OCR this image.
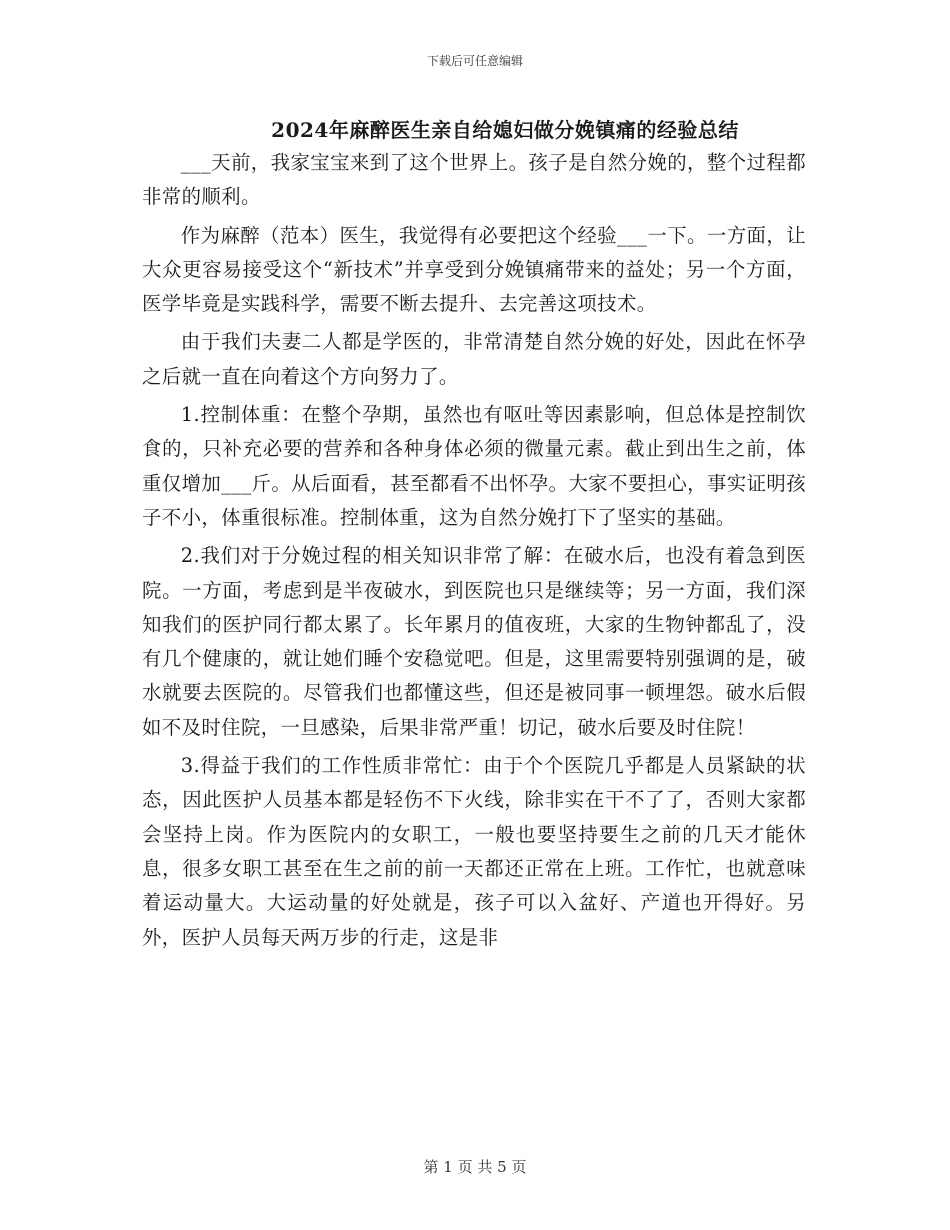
下载后可任意编辑
2024年麻醉医生亲自给媳妇做分娩镇痛的经验总结

___天前，我家宝宝来到了这个世界上。孩子是自然分娩的，整个过程都非常的顺利。

作为麻醉（范本）医生，我觉得有必要把这个经验___一下。一方面，让大众更容易接受这个“新技术”并享受到分娩镇痛带来的益处；另一个方面，医学毕竟是实践科学，需要不断去提升、去完善这项技术。

由于我们夫妻二人都是学医的，非常清楚自然分娩的好处，因此在怀孕之后就一直在向着这个方向努力了。

1.控制体重：在整个孕期，虽然也有呕吐等因素影响，但总体是控制饮食的，只补充必要的营养和各种身体必须的微量元素。截止到出生之前，体重仅增加___斤。从后面看，甚至都看不出怀孕。大家不要担心，事实证明孩子不小，体重很标准。控制体重，这为自然分娩打下了坚实的基础。

2.我们对于分娩过程的相关知识非常了解：在破水后，也没有着急到医院。一方面，考虑到是半夜破水，到医院也只是继续等；另一方面，我们深知我们的医护同行都太累了。长年累月的值夜班，大家的生物钟都乱了，没有几个健康的，就让她们睡个安稳觉吧。但是，这里需要特别强调的是，破水就要去医院的。尽管我们也都懂这些，但还是被同事一顿埋怨。破水后假如不及时住院，一旦感染，后果非常严重！切记，破水后要及时住院！

3.得益于我们的工作性质非常忙：由于个个医院几乎都是人员紧缺的状态，因此医护人员基本都是轻伤不下火线，除非实在干不了了，否则大家都会坚持上岗。作为医院内的女职工，一般也要坚持要生之前的几天才能休息，很多女职工甚至在生之前的前一天都还正常在上班。工作忙，也就意味着运动量大。大运动量的好处就是，孩子可以入盆好、产道也开得好。另外，医护人员每天两万步的行走，这是非

第 1 页 共 5 页
